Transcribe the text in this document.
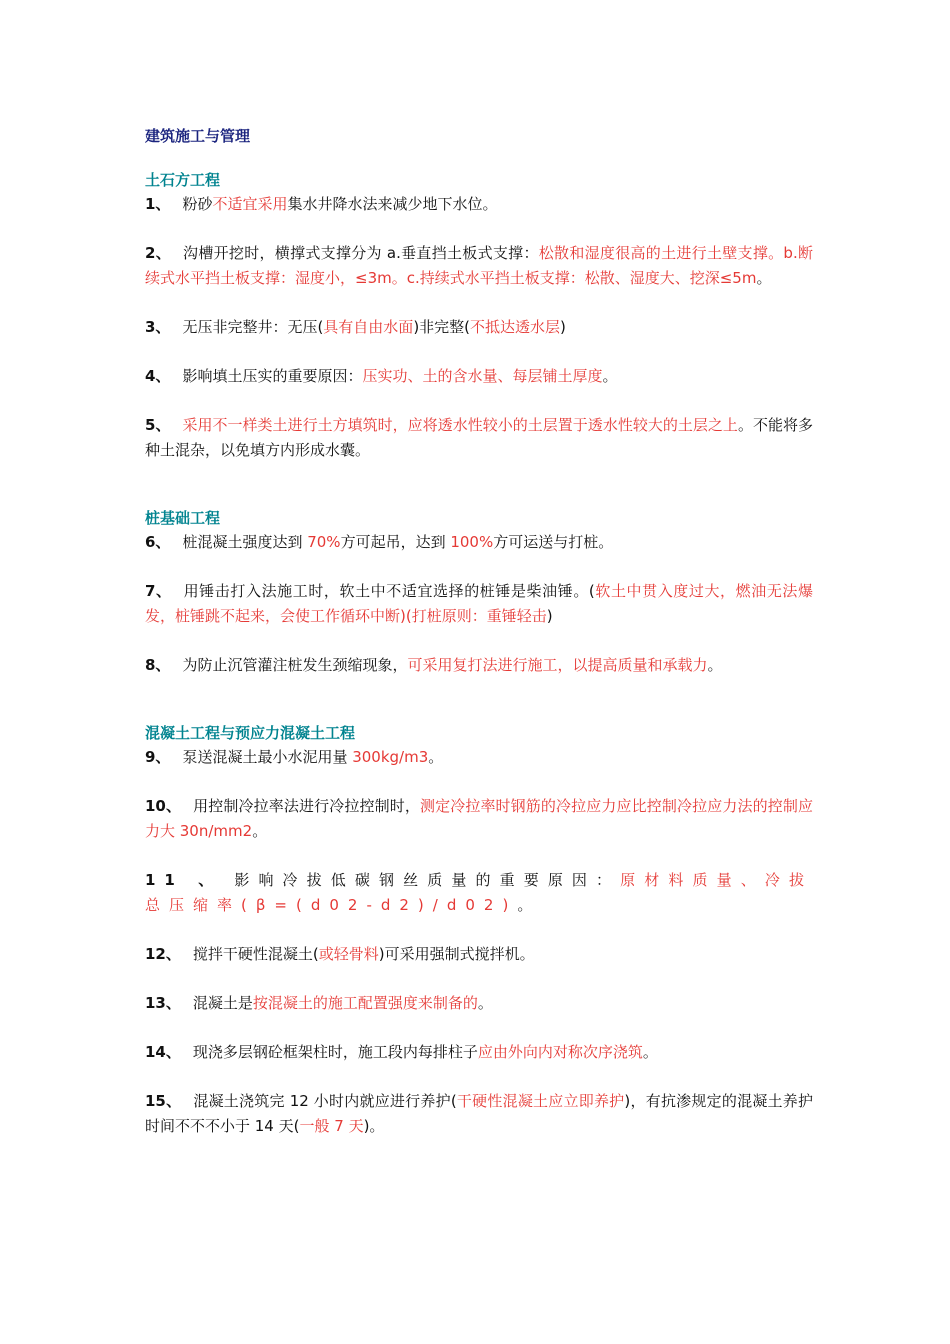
建筑施工与管理
土石方工程
1、 粉砂不适宜采用集水井降水法来减少地下水位。
2、 沟槽开挖时，横撑式支撑分为 a.垂直挡土板式支撑：松散和湿度很高的土进行土壁支撑。b.断续式水平挡土板支撑：湿度小，≤3m。c.持续式水平挡土板支撑：松散、湿度大、挖深≤5m。
3、 无压非完整井：无压(具有自由水面)非完整(不抵达透水层)
4、 影响填土压实的重要原因：压实功、土的含水量、每层铺土厚度。
5、 采用不一样类土进行土方填筑时，应将透水性较小的土层置于透水性较大的土层之上。不能将多种土混杂，以免填方内形成水囊。
桩基础工程
6、 桩混凝土强度达到 70%方可起吊，达到 100%方可运送与打桩。
7、 用锤击打入法施工时，软土中不适宜选择的桩锤是柴油锤。(软土中贯入度过大，燃油无法爆发，桩锤跳不起来，会使工作循环中断)(打桩原则：重锤轻击)
8、 为防止沉管灌注桩发生颈缩现象，可采用复打法进行施工，以提高质量和承载力。
混凝土工程与预应力混凝土工程
9、 泵送混凝土最小水泥用量 300kg/m3。
10、 用控制冷拉率法进行冷拉控制时，测定冷拉率时钢筋的冷拉应力应比控制冷拉应力法的控制应力大 30n/mm2。
11 、 影响冷拔低碳钢丝质量的重要原因：原材料质量、冷拔总压缩率(β=(d02-d2)/d02)。
12、 搅拌干硬性混凝土(或轻骨料)可采用强制式搅拌机。
13、 混凝土是按混凝土的施工配置强度来制备的。
14、 现浇多层钢砼框架柱时，施工段内每排柱子应由外向内对称次序浇筑。
15、 混凝土浇筑完 12 小时内就应进行养护(干硬性混凝土应立即养护)，有抗渗规定的混凝土养护时间不不不小于 14 天(一般 7 天)。
